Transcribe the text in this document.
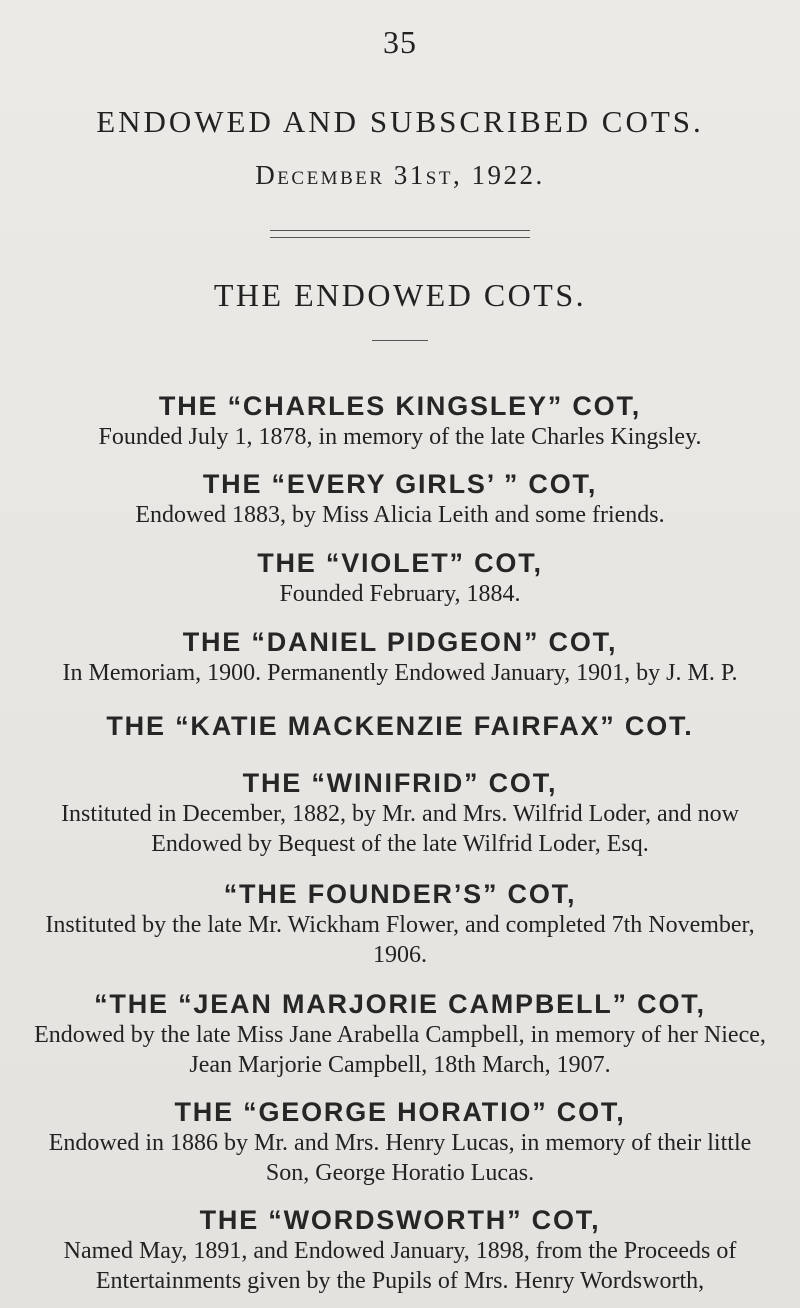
35
ENDOWED AND SUBSCRIBED COTS.
December 31st, 1922.
THE ENDOWED COTS.
THE “CHARLES KINGSLEY” COT,
Founded July 1, 1878, in memory of the late Charles Kingsley.
THE “EVERY GIRLS’ ” COT,
Endowed 1883, by Miss Alicia Leith and some friends.
THE “VIOLET” COT,
Founded February, 1884.
THE “DANIEL PIDGEON” COT,
In Memoriam, 1900. Permanently Endowed January, 1901, by J. M. P.
THE “KATIE MACKENZIE FAIRFAX” COT.
THE “WINIFRID” COT,
Instituted in December, 1882, by Mr. and Mrs. Wilfrid Loder, and now Endowed by Bequest of the late Wilfrid Loder, Esq.
“THE FOUNDER’S” COT,
Instituted by the late Mr. Wickham Flower, and completed 7th November, 1906.
“THE “JEAN MARJORIE CAMPBELL” COT,
Endowed by the late Miss Jane Arabella Campbell, in memory of her Niece, Jean Marjorie Campbell, 18th March, 1907.
THE “GEORGE HORATIO” COT,
Endowed in 1886 by Mr. and Mrs. Henry Lucas, in memory of their little Son, George Horatio Lucas.
THE “WORDSWORTH” COT,
Named May, 1891, and Endowed January, 1898, from the Proceeds of Entertainments given by the Pupils of Mrs. Henry Wordsworth,
